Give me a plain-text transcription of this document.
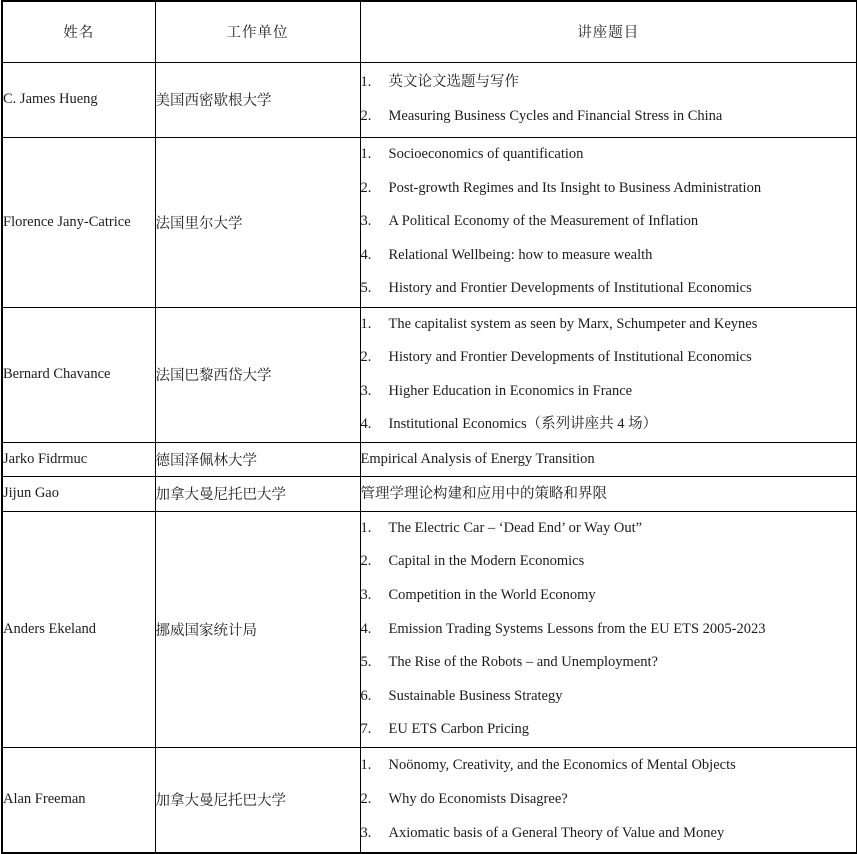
姓名	工作单位	讲座题目
C. James Hueng	美国西密歇根大学	1. 英文论文选题与写作
2. Measuring Business Cycles and Financial Stress in China

Florence Jany-Catrice	法国里尔大学	1. Socioeconomics of quantification
2. Post-growth Regimes and Its Insight to Business Administration
3. A Political Economy of the Measurement of Inflation
4. Relational Wellbeing: how to measure wealth
5. History and Frontier Developments of Institutional Economics

Bernard Chavance	法国巴黎西岱大学	1. The capitalist system as seen by Marx, Schumpeter and Keynes
2. History and Frontier Developments of Institutional Economics
3. Higher Education in Economics in France
4. Institutional Economics（系列讲座共 4 场）

Jarko Fidrmuc	德国泽佩林大学	Empirical Analysis of Energy Transition

Jijun Gao	加拿大曼尼托巴大学	管理学理论构建和应用中的策略和界限

Anders Ekeland	挪威国家统计局	
1. The Electric Car – ‘Dead End’ or Way Out”
2. Capital in the Modern Economics
3. Competition in the World Economy
4. Emission Trading Systems Lessons from the EU ETS 2005-2023
5. The Rise of the Robots – and Unemployment?
6. Sustainable Business Strategy
7. EU ETS Carbon Pricing

Alan Freeman	加拿大曼尼托巴大学	1. Noönomy, Creativity, and the Economics of Mental Objects
2. Why do Economists Disagree?
3. Axiomatic basis of a General Theory of Value and Money
